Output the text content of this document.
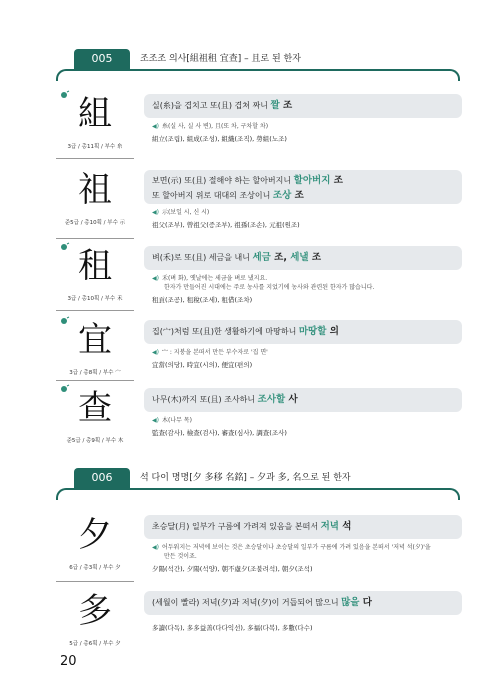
005	조조조 의사[組祖租 宜查] – 且로 된 한자
組
3급 / 총11획 / 부수 糸
실(糸)을 겹치고 또(且) 겹쳐 짜니 짤 조
◀) 糸(실 사, 실 사 변), 且(또 차, 구차할 차)
組立(조립), 組成(조성), 組織(조직), 勞組(노조)
祖
준5급 / 총10획 / 부수 示
보면(示) 또(且) 절해야 하는 할아버지니 할아버지 조
또 할아버지 위로 대대의 조상이니 조상 조
◀) 示(보일 시, 신 시)
祖父(조부), 曾祖父(증조부), 祖孫(조손), 元祖(원조)
租
3급 / 총10획 / 부수 禾
벼(禾)로 또(且) 세금을 내니 세금 조, 세낼 조
◀) 禾(벼 화), 옛날에는 세금을 벼로 냈지요.
한자가 만들어진 시대에는 주로 농사를 지었기에 농사와 관련된 한자가 많습니다.
租貢(조공), 租稅(조세), 租借(조차)
宜
3급 / 총8획 / 부수 宀
집(宀)처럼 또(且)한 생활하기에 마땅하니 마땅할 의
◀) 宀 : 지붕을 본떠서 만든 부수자로 '집 면'
宜當(의당), 時宜(시의), 便宜(편의)
查
준5급 / 총9획 / 부수 木
나무(木)까지 또(且) 조사하니 조사할 사
◀) 木(나무 목)
監查(감사), 檢查(검사), 審查(심사), 調查(조사)
006	석 다이 명명[夕 多移 名銘] – 夕과 多, 名으로 된 한자
夕
6급 / 총3획 / 부수 夕
초승달(月) 일부가 구름에 가려져 있음을 본떠서 저녁 석
◀) 어두워지는 저녁에 보이는 것은 초승달이나 초승달의 일부가 구름에 가려 있음을 본떠서 '저녁 석(夕)'을
만든 것이죠.
夕陽(석간), 夕陽(석양), 朝不慮夕(조불려석), 朝夕(조석)
多
5급 / 총6획 / 부수 夕
(세월이 빨라) 저녁(夕)과 저녁(夕)이 거듭되어 많으니 많을 다
多讀(다독), 多多益善(다다익선), 多福(다복), 多數(다수)
20
